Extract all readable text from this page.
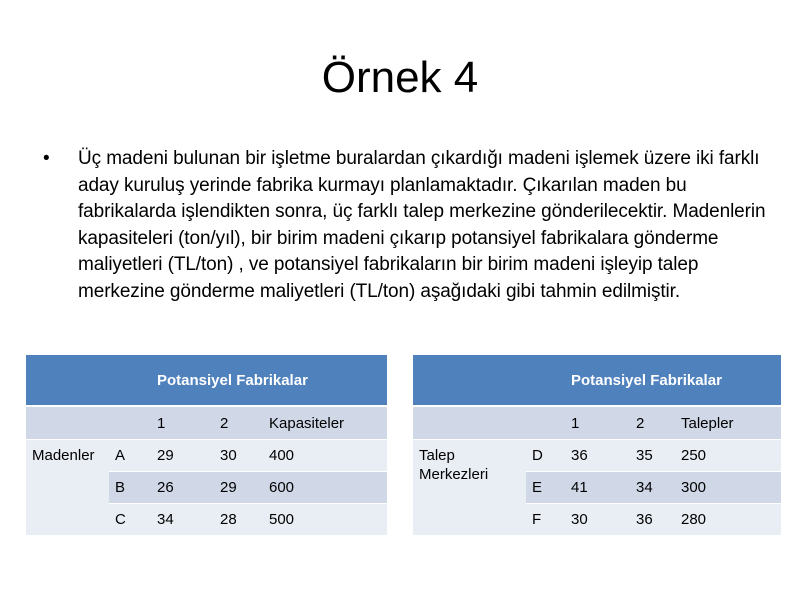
Örnek 4
•	Üç madeni bulunan bir işletme buralardan çıkardığı madeni işlemek üzere iki farklı aday kuruluş yerinde fabrika kurmayı planlamaktadır. Çıkarılan maden bu fabrikalarda işlendikten sonra, üç farklı talep merkezine gönderilecektir. Madenlerin kapasiteleri (ton/yıl), bir birim madeni çıkarıp potansiyel fabrikalara gönderme maliyetleri (TL/ton) , ve potansiyel fabrikaların bir birim madeni işleyip talep merkezine gönderme maliyetleri (TL/ton) aşağıdaki gibi tahmin edilmiştir.
		Potansiyel Fabrikalar		
		1	2	Kapasiteler
Madenler	A	29	30	400
	B	26	29	600
	C	34	28	500
		Potansiyel Fabrikalar		
		1	2	Talepler
Talep Merkezleri	D	36	35	250
	E	41	34	300
	F	30	36	280
